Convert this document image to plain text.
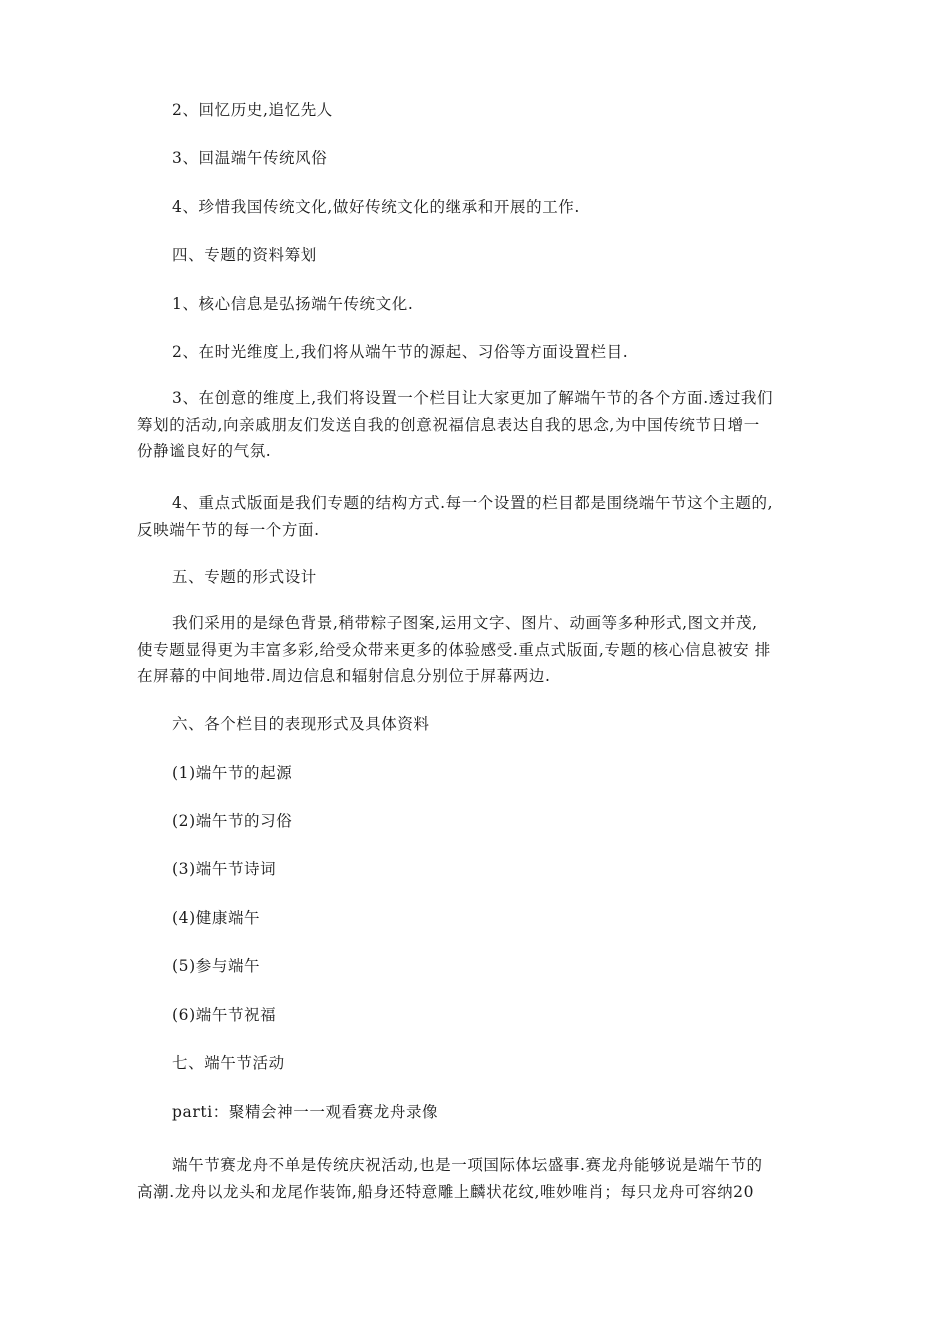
2、回忆历史,追忆先人
3、回温端午传统风俗
4、珍惜我国传统文化,做好传统文化的继承和开展的工作.
四、专题的资料筹划
1、核心信息是弘扬端午传统文化.
2、在时光维度上,我们将从端午节的源起、习俗等方面设置栏目.
3、在创意的维度上,我们将设置一个栏目让大家更加了解端午节的各个方面.透过我们
筹划的活动,向亲戚朋友们发送自我的创意祝福信息表达自我的思念,为中国传统节日增一
份静谧良好的气氛.
4、重点式版面是我们专题的结构方式.每一个设置的栏目都是围绕端午节这个主题的,
反映端午节的每一个方面.
五、专题的形式设计
我们采用的是绿色背景,稍带粽子图案,运用文字、图片、动画等多种形式,图文并茂,
使专题显得更为丰富多彩,给受众带来更多的体验感受.重点式版面,专题的核心信息被安 排
在屏幕的中间地带.周边信息和辐射信息分别位于屏幕两边.
六、各个栏目的表现形式及具体资料
(1)端午节的起源
(2)端午节的习俗
(3)端午节诗词
(4)健康端午
(5)参与端午
(6)端午节祝福
七、端午节活动
parti：聚精会神一一观看赛龙舟录像
端午节赛龙舟不单是传统庆祝活动,也是一项国际体坛盛事.赛龙舟能够说是端午节的
高潮.龙舟以龙头和龙尾作装饰,船身还特意雕上麟状花纹,唯妙唯肖；每只龙舟可容纳20
